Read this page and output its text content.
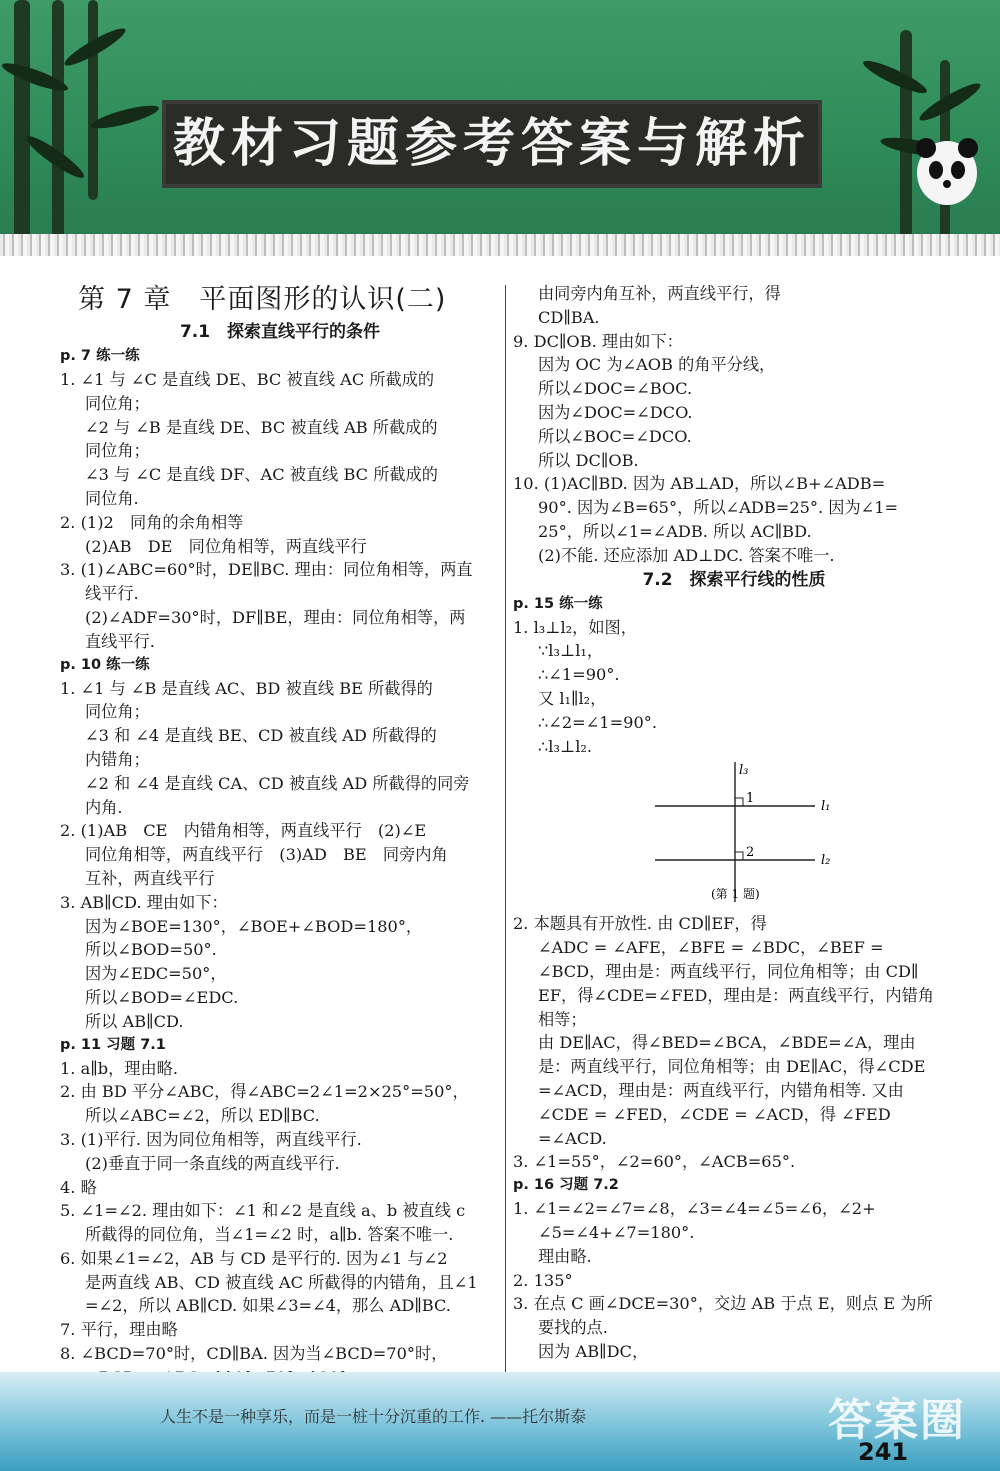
教材习题参考答案与解析
第 7 章　平面图形的认识(二)
7.1　探索直线平行的条件
p. 7 练一练
1. ∠1 与 ∠C 是直线 DE、BC 被直线 AC 所截成的
同位角；
∠2 与 ∠B 是直线 DE、BC 被直线 AB 所截成的
同位角；
∠3 与 ∠C 是直线 DF、AC 被直线 BC 所截成的
同位角.
2. (1)2　同角的余角相等
(2)AB　DE　同位角相等，两直线平行
3. (1)∠ABC=60°时，DE∥BC. 理由：同位角相等，两直
线平行.
(2)∠ADF=30°时，DF∥BE，理由：同位角相等，两
直线平行.
p. 10 练一练
1. ∠1 与 ∠B 是直线 AC、BD 被直线 BE 所截得的
同位角；
∠3 和 ∠4 是直线 BE、CD 被直线 AD 所截得的
内错角；
∠2 和 ∠4 是直线 CA、CD 被直线 AD 所截得的同旁
内角.
2. (1)AB　CE　内错角相等，两直线平行　(2)∠E
同位角相等，两直线平行　(3)AD　BE　同旁内角
互补，两直线平行
3. AB∥CD. 理由如下：
因为∠BOE=130°，∠BOE+∠BOD=180°，
所以∠BOD=50°.
因为∠EDC=50°，
所以∠BOD=∠EDC.
所以 AB∥CD.
p. 11 习题 7.1
1. a∥b，理由略.
2. 由 BD 平分∠ABC，得∠ABC=2∠1=2×25°=50°，
所以∠ABC=∠2，所以 ED∥BC.
3. (1)平行. 因为同位角相等，两直线平行.
(2)垂直于同一条直线的两直线平行.
4. 略
5. ∠1=∠2. 理由如下：∠1 和∠2 是直线 a、b 被直线 c
所截得的同位角，当∠1=∠2 时，a∥b. 答案不唯一.
6. 如果∠1=∠2，AB 与 CD 是平行的. 因为∠1 与∠2
是两直线 AB、CD 被直线 AC 所截得的内错角，且∠1
=∠2，所以 AB∥CD. 如果∠3=∠4，那么 AD∥BC.
7. 平行，理由略
8. ∠BCD=70°时，CD∥BA. 因为当∠BCD=70°时，
由同旁内角互补，两直线平行，得
CD∥BA.
9. DC∥OB. 理由如下：
因为 OC 为∠AOB 的角平分线，
所以∠DOC=∠BOC.
因为∠DOC=∠DCO.
所以∠BOC=∠DCO.
所以 DC∥OB.
10. (1)AC∥BD. 因为 AB⊥AD，所以∠B+∠ADB=
90°. 因为∠B=65°，所以∠ADB=25°. 因为∠1=
25°，所以∠1=∠ADB. 所以 AC∥BD.
(2)不能. 还应添加 AD⊥DC. 答案不唯一.
7.2　探索平行线的性质
p. 15 练一练
1. l₃⊥l₂，如图，
∵l₃⊥l₁，
∴∠1=90°.
又 l₁∥l₂，
∴∠2=∠1=90°.
∴l₃⊥l₂.
l₃
l₁
l₂
1
2
(第 1 题)
2. 本题具有开放性. 由 CD∥EF，得
∠ADC = ∠AFE，∠BFE = ∠BDC，∠BEF =
∠BCD，理由是：两直线平行，同位角相等；由 CD∥
EF，得∠CDE=∠FED，理由是：两直线平行，内错角
相等；
由 DE∥AC，得∠BED=∠BCA，∠BDE=∠A，理由
是：两直线平行，同位角相等；由 DE∥AC，得∠CDE
=∠ACD，理由是：两直线平行，内错角相等. 又由
∠CDE = ∠FED，∠CDE = ∠ACD，得 ∠FED
=∠ACD.
3. ∠1=55°，∠2=60°，∠ACB=65°.
p. 16 习题 7.2
1. ∠1=∠2=∠7=∠8，∠3=∠4=∠5=∠6，∠2+
∠5=∠4+∠7=180°.
理由略.
2. 135°
3. 在点 C 画∠DCE=30°，交边 AB 于点 E，则点 E 为所
要找的点.
因为 AB∥DC，
人生不是一种享乐，而是一桩十分沉重的工作. ——托尔斯泰	答案圈
241
